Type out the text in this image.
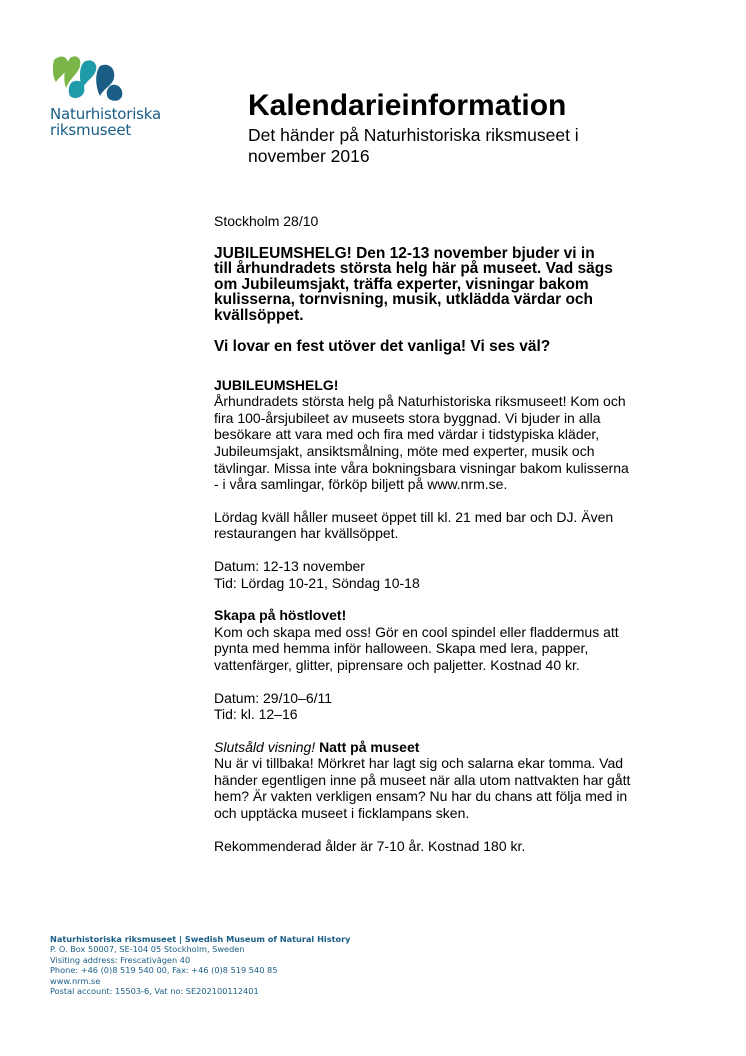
Naturhistoriska
riksmuseet
Kalendarieinformation
Det händer på Naturhistoriska riksmuseet i
november 2016

Stockholm 28/10

JUBILEUMSHELG! Den 12-13 november bjuder vi in

till århundradets största helg här på museet. Vad sägs

om Jubileumsjakt, träffa experter, visningar bakom

kulisserna, tornvisning, musik, utklädda värdar och

kvällsöppet.

Vi lovar en fest utöver det vanliga! Vi ses väl?

JUBILEUMSHELG!

Århundradets största helg på Naturhistoriska riksmuseet! Kom och

fira 100-årsjubileet av museets stora byggnad. Vi bjuder in alla

besökare att vara med och fira med värdar i tidstypiska kläder,

Jubileumsjakt, ansiktsmålning, möte med experter, musik och

tävlingar. Missa inte våra bokningsbara visningar bakom kulisserna

- i våra samlingar, förköp biljett på www.nrm.se.

Lördag kväll håller museet öppet till kl. 21 med bar och DJ. Även

restaurangen har kvällsöppet.

Datum: 12-13 november

Tid: Lördag 10-21, Söndag 10-18

Skapa på höstlovet!

Kom och skapa med oss! Gör en cool spindel eller fladdermus att

pynta med hemma inför halloween. Skapa med lera, papper,

vattenfärger, glitter, piprensare och paljetter. Kostnad 40 kr.

Datum: 29/10–6/11

Tid: kl. 12–16

Slutsåld visning! Natt på museet

Nu är vi tillbaka! Mörkret har lagt sig och salarna ekar tomma. Vad

händer egentligen inne på museet när alla utom nattvakten har gått

hem? Är vakten verkligen ensam? Nu har du chans att följa med in

och upptäcka museet i ficklampans sken.

Rekommenderad ålder är 7-10 år. Kostnad 180 kr.

Naturhistoriska riksmuseet | Swedish Museum of Natural History
P. O. Box 50007, SE-104 05 Stockholm, Sweden
Visiting address: Frescativägen 40
Phone: +46 (0)8 519 540 00, Fax: +46 (0)8 519 540 85
www.nrm.se
Postal account: 15503-6, Vat no: SE202100112401
